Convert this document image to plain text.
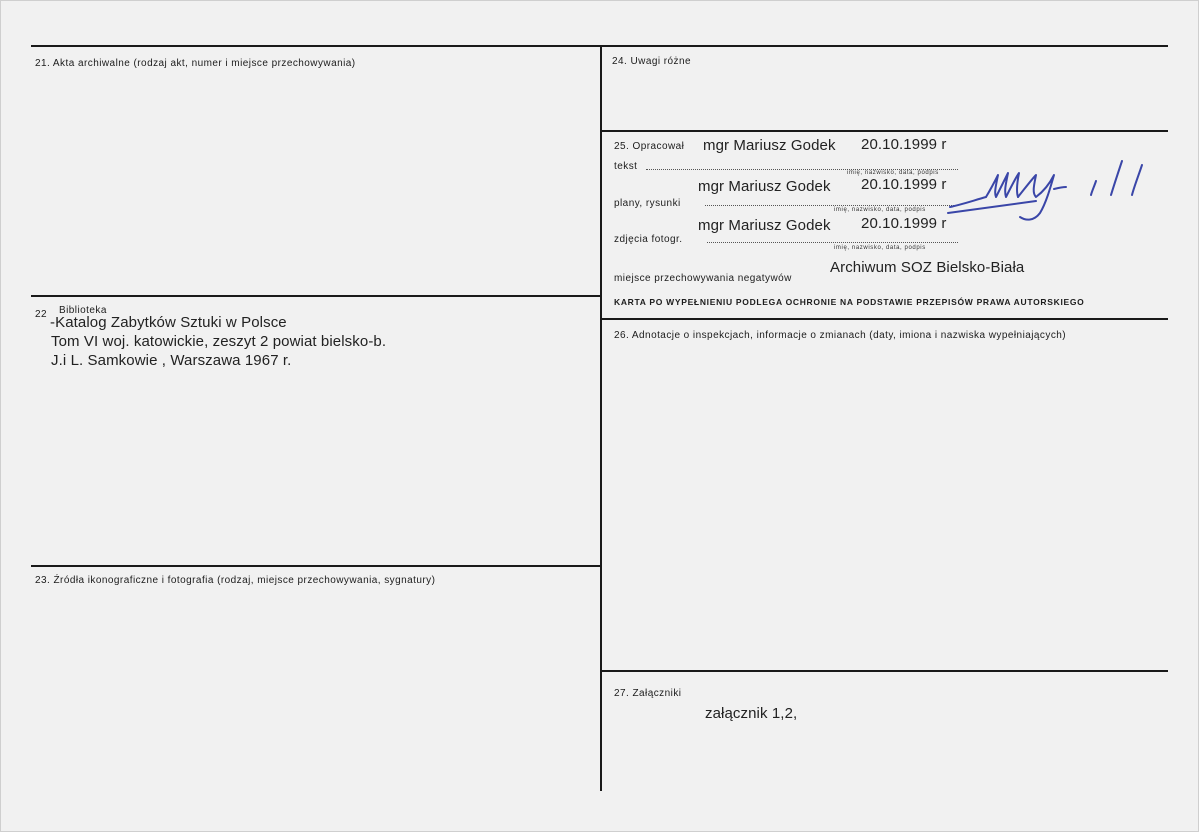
21. Akta archiwalne (rodzaj akt, numer i miejsce przechowywania)
22 Biblioteka
-Katalog Zabytków Sztuki w Polsce
Tom VI woj. katowickie, zeszyt 2 powiat bielsko-b.
J.i L. Samkowie , Warszawa 1967 r.
23. Źródła ikonograficzne i fotografia (rodzaj, miejsce przechowywania, sygnatury)
24. Uwagi różne
25. Opracował mgr Mariusz Godek 20.10.1999 r
tekst
imię, nazwisko, data, podpis
mgr Mariusz Godek 20.10.1999 r
plany, rysunki
imię, nazwisko, data, podpis
mgr Mariusz Godek 20.10.1999 r
zdjęcia fotogr.
imię, nazwisko, data, podpis
miejsce przechowywania negatywów
Archiwum SOZ Bielsko-Biała
KARTA PO WYPEŁNIENIU PODLEGA OCHRONIE NA PODSTAWIE PRZEPISÓW PRAWA AUTORSKIEGO
26. Adnotacje o inspekcjach, informacje o zmianach (daty, imiona i nazwiska wypełniających)
27. Załączniki
załącznik 1,2,
